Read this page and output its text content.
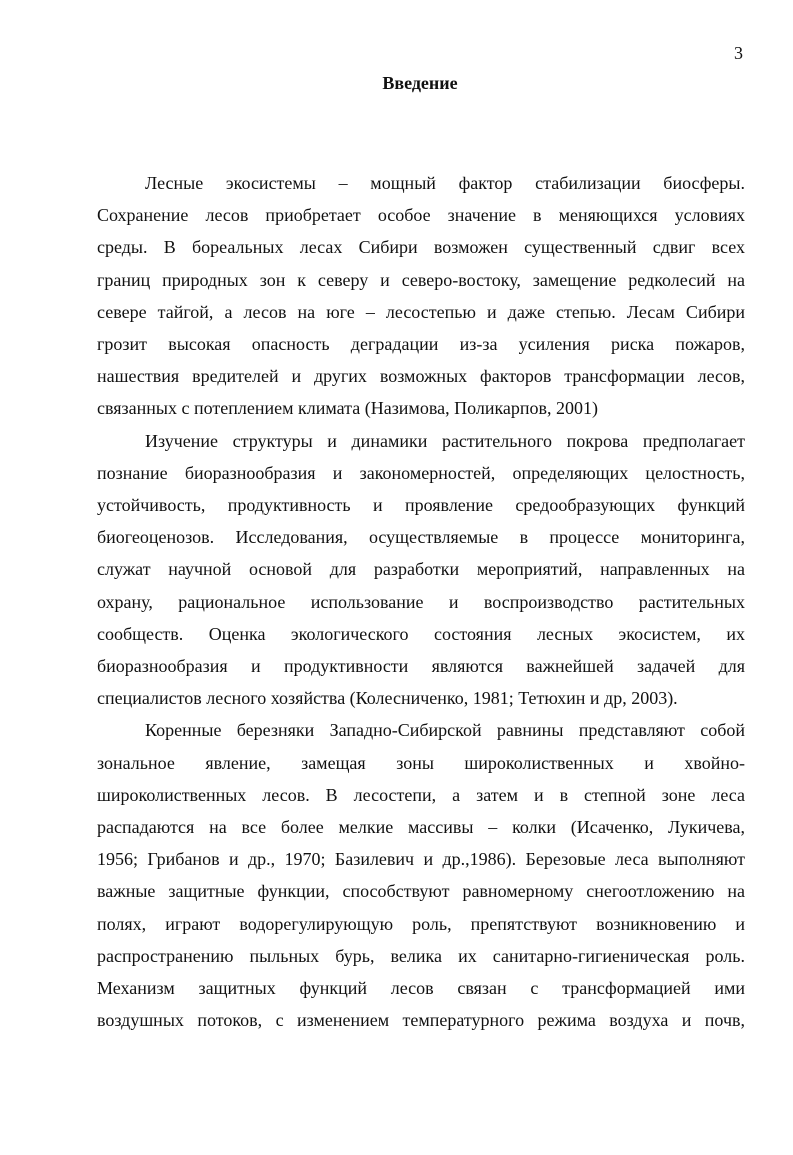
3
Введение
Лесные экосистемы – мощный фактор стабилизации биосферы.
Сохранение лесов приобретает особое значение в меняющихся условиях
среды. В бореальных лесах Сибири возможен существенный сдвиг всех
границ природных зон к северу и северо-востоку, замещение редколесий на
севере тайгой, а лесов на юге – лесостепью и даже степью. Лесам Сибири
грозит высокая опасность деградации из-за усиления риска пожаров,
нашествия вредителей и других возможных факторов трансформации лесов,
связанных с потеплением климата (Назимова, Поликарпов, 2001)
Изучение структуры и динамики растительного покрова предполагает
познание биоразнообразия и закономерностей, определяющих целостность,
устойчивость, продуктивность и проявление средообразующих функций
биогеоценозов. Исследования, осуществляемые в процессе мониторинга,
служат научной основой для разработки мероприятий, направленных на
охрану, рациональное использование и воспроизводство растительных
сообществ. Оценка экологического состояния лесных экосистем, их
биоразнообразия и продуктивности являются важнейшей задачей для
специалистов лесного хозяйства (Колесниченко, 1981; Тетюхин и др, 2003).
Коренные березняки Западно-Сибирской равнины представляют собой
зональное явление, замещая зоны широколиственных и хвойно-
широколиственных лесов. В лесостепи, а затем и в степной зоне леса
распадаются на все более мелкие массивы – колки (Исаченко, Лукичева,
1956; Грибанов и др., 1970; Базилевич и др.,1986). Березовые леса выполняют
важные защитные функции, способствуют равномерному снегоотложению на
полях, играют водорегулирующую роль, препятствуют возникновению и
распространению пыльных бурь, велика их санитарно-гигиеническая роль.
Механизм защитных функций лесов связан с трансформацией ими
воздушных потоков, с изменением температурного режима воздуха и почв,
